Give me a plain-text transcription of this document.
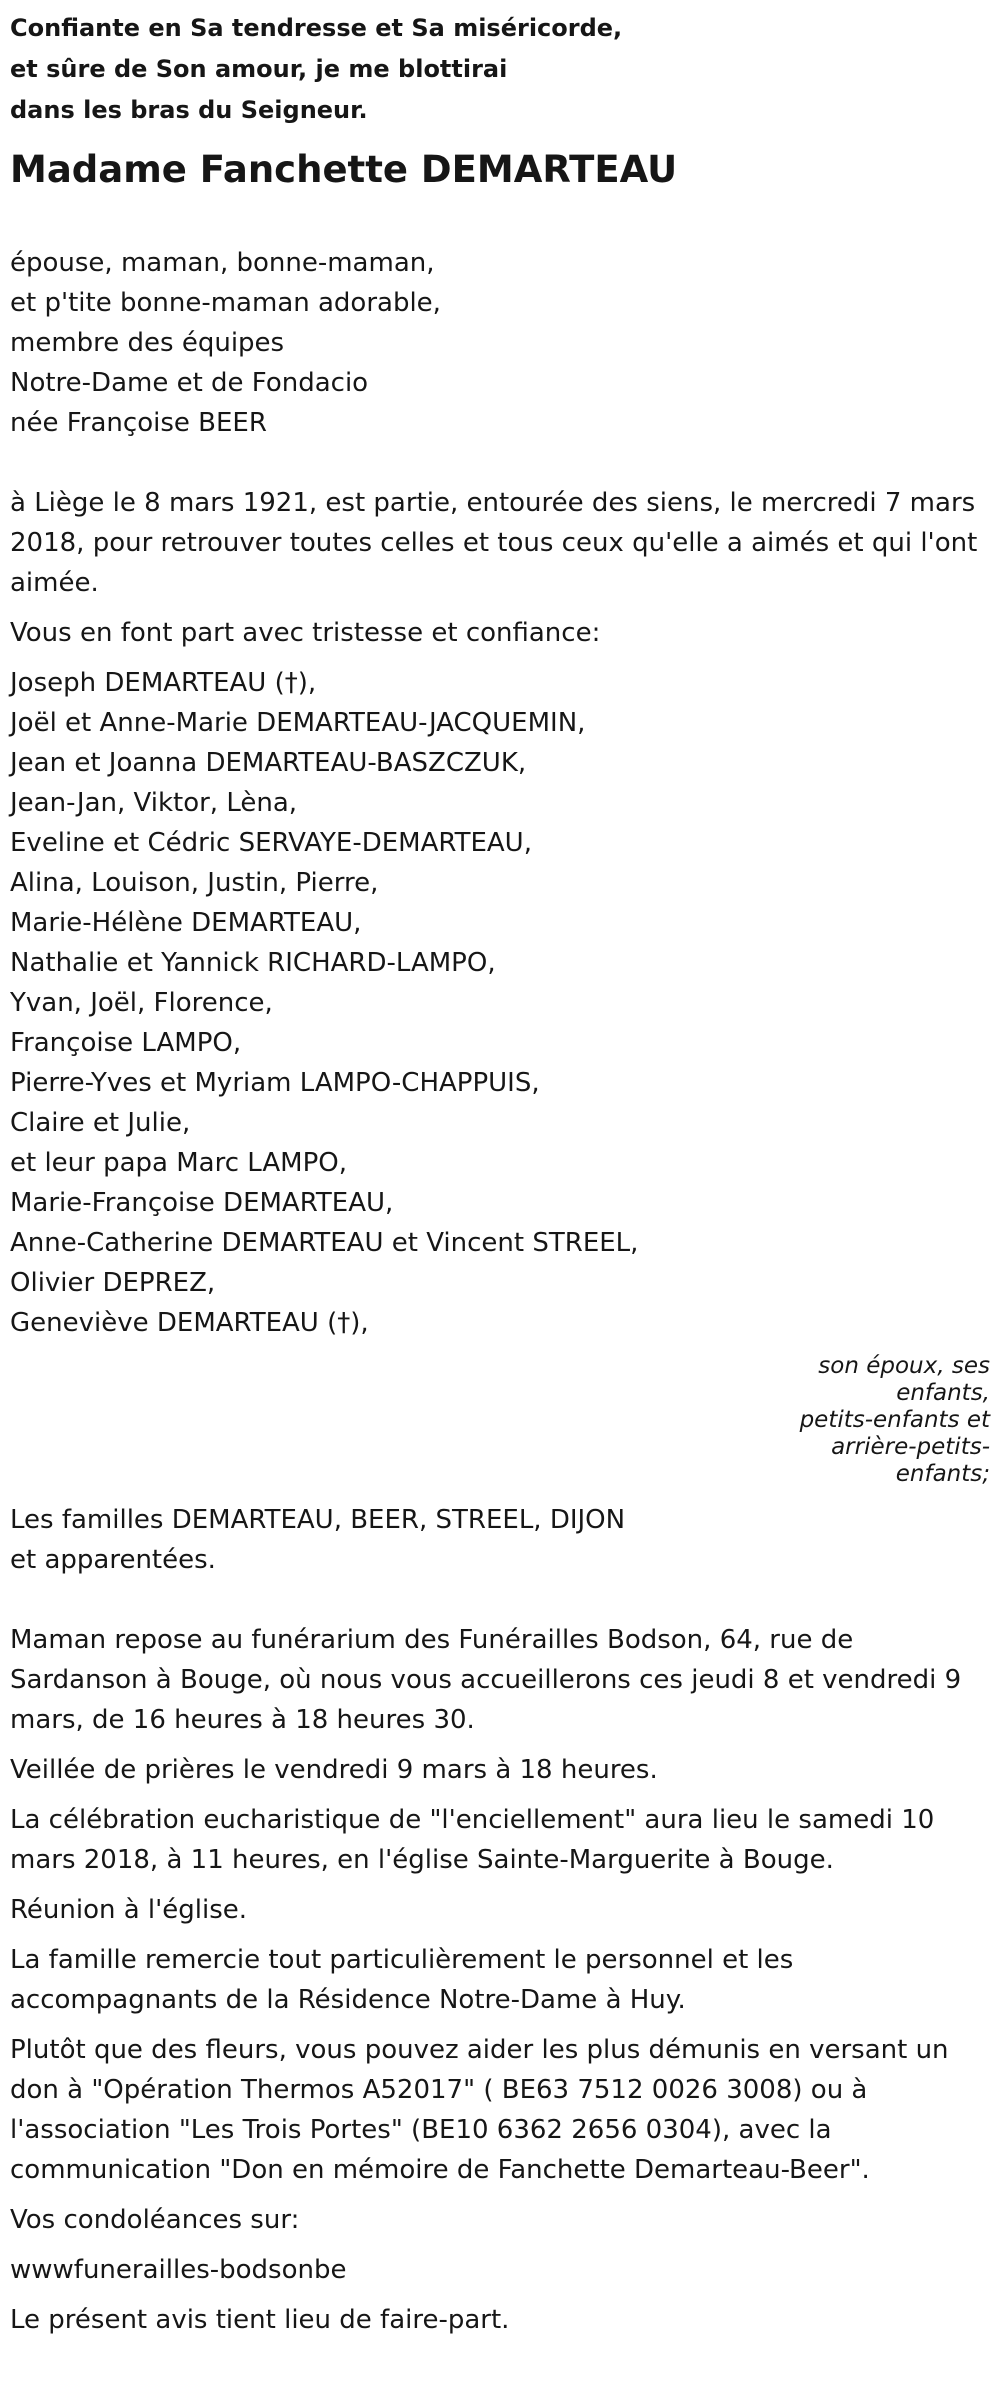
Confiante en Sa tendresse et Sa miséricorde,
et sûre de Son amour, je me blottirai
dans les bras du Seigneur.
Madame Fanchette DEMARTEAU
épouse, maman, bonne-maman,
et p'tite bonne-maman adorable,
membre des équipes
Notre-Dame et de Fondacio
née Françoise BEER

à Liège le 8 mars 1921, est partie, entourée des siens, le mercredi 7 mars 2018, pour retrouver toutes celles et tous ceux qu'elle a aimés et qui l'ont aimée.

Vous en font part avec tristesse et confiance:

Joseph DEMARTEAU (†),
Joël et Anne-Marie DEMARTEAU-JACQUEMIN,
Jean et Joanna DEMARTEAU-BASZCZUK,
Jean-Jan, Viktor, Lèna,
Eveline et Cédric SERVAYE-DEMARTEAU,
Alina, Louison, Justin, Pierre,
Marie-Hélène DEMARTEAU,
Nathalie et Yannick RICHARD-LAMPO,
Yvan, Joël, Florence,
Françoise LAMPO,
Pierre-Yves et Myriam LAMPO-CHAPPUIS,
Claire et Julie,
et leur papa Marc LAMPO,
Marie-Françoise DEMARTEAU,
Anne-Catherine DEMARTEAU et Vincent STREEL,
Olivier DEPREZ,
Geneviève DEMARTEAU (†),
son époux, ses
enfants,
petits-enfants et
arrière-petits-
enfants;
Les familles DEMARTEAU, BEER, STREEL, DIJON
et apparentées.

Maman repose au funérarium des Funérailles Bodson, 64, rue de Sardanson à Bouge, où nous vous accueillerons ces jeudi 8 et vendredi 9 mars, de 16 heures à 18 heures 30.

Veillée de prières le vendredi 9 mars à 18 heures.

La célébration eucharistique de "l'enciellement" aura lieu le samedi 10 mars 2018, à 11 heures, en l'église Sainte-Marguerite à Bouge.

Réunion à l'église.

La famille remercie tout particulièrement le personnel et les accompagnants de la Résidence Notre-Dame à Huy.

Plutôt que des fleurs, vous pouvez aider les plus démunis en versant un don à "Opération Thermos A52017" ( BE63 7512 0026 3008) ou à l'association "Les Trois Portes" (BE10 6362 2656 0304), avec la communication "Don en mémoire de Fanchette Demarteau-Beer".

Vos condoléances sur:

wwwfunerailles-bodsonbe

Le présent avis tient lieu de faire-part.
